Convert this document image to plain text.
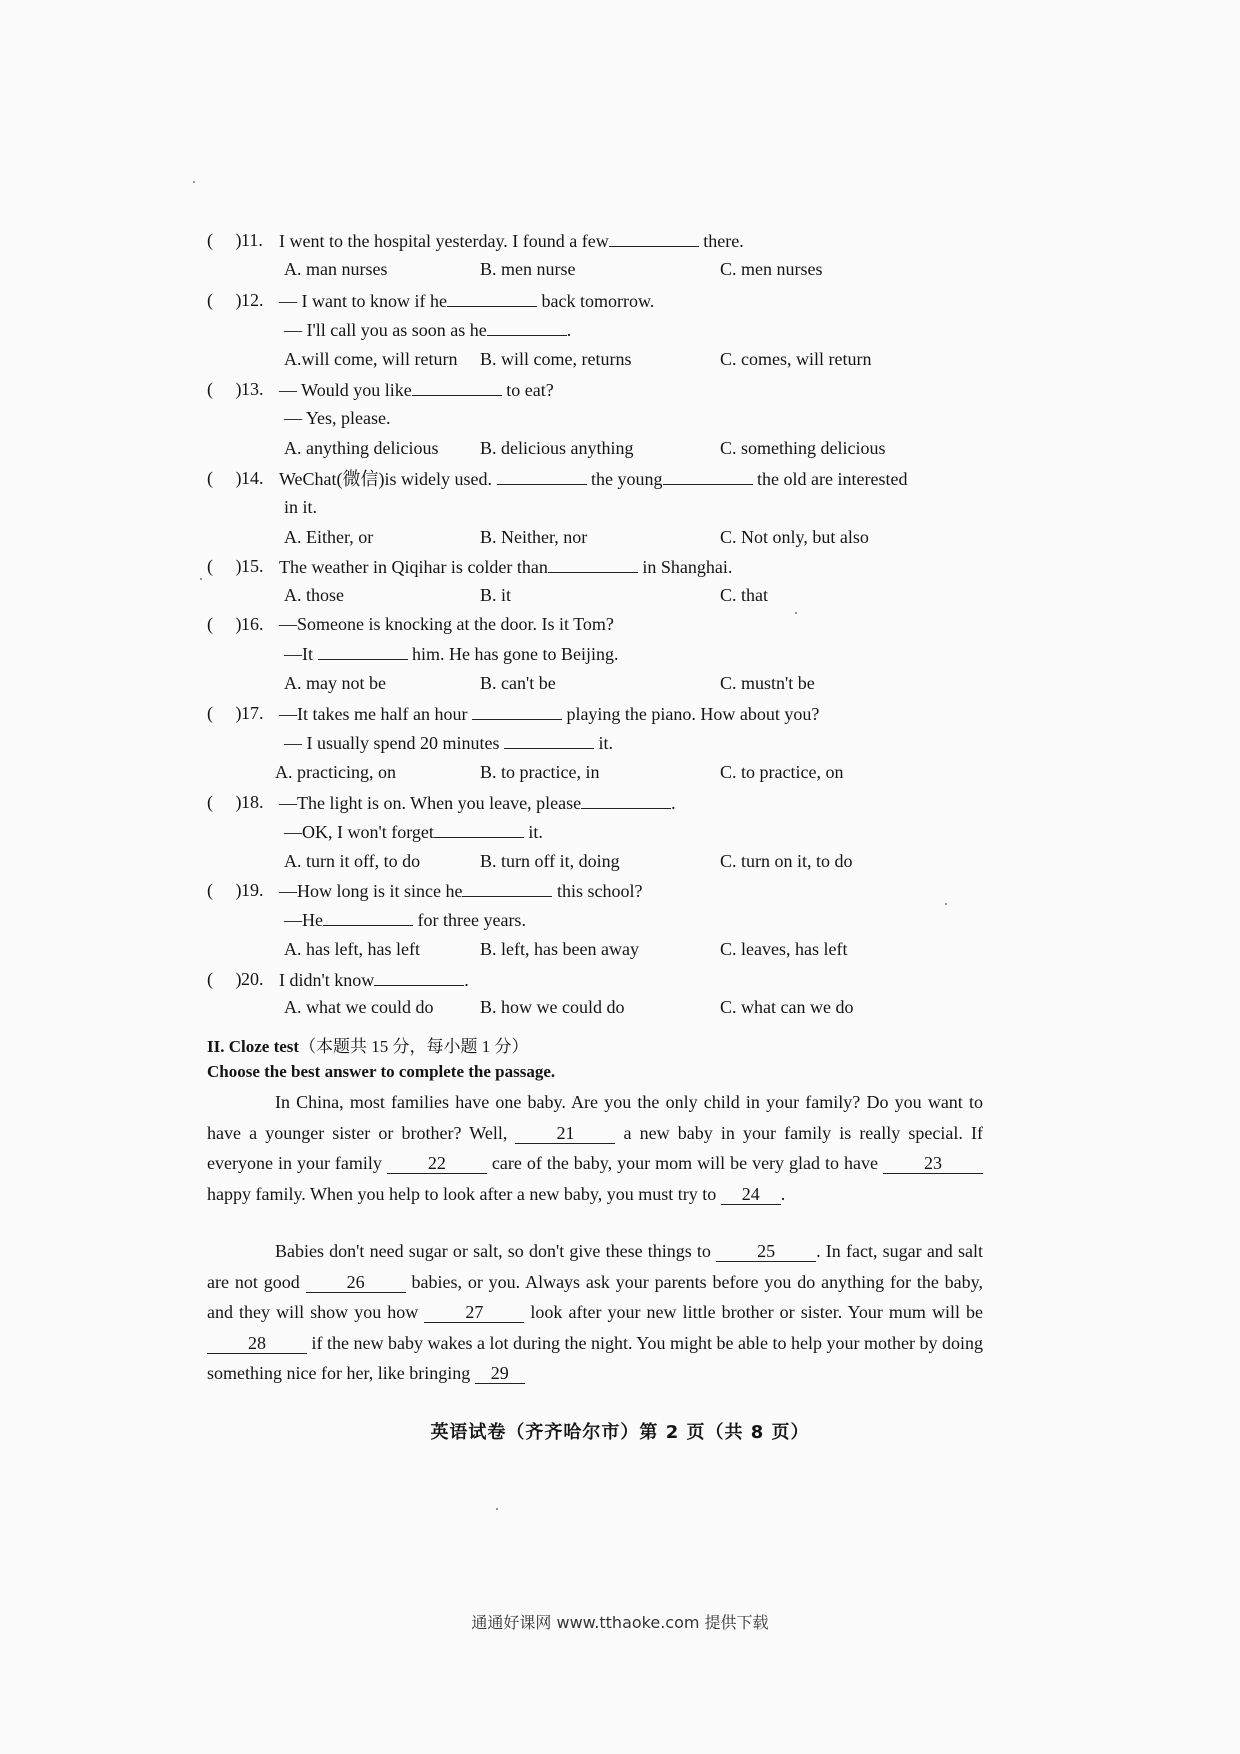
(     ) 11. I went to the hospital yesterday. I found a few	there.
A. man nurses	B. men nurse	C. men nurses
(     ) 12. — I want to know if he	back tomorrow.
— I'll call you as soon as he	.
A.will come, will return B. will come, returns	C. comes, will return
(     ) 13. — Would you like	to eat?
— Yes, please.
A. anything delicious B. delicious anything	C. something delicious
(     ) 14. WeChat(微信)is widely used.	the young	the old are interested
in it.
A. Either, or	B. Neither, nor	C. Not only, but also
(     ) 15. The weather in Qiqihar is colder than	in Shanghai.
A. those	B. it	C. that
(     ) 16. —Someone is knocking at the door. Is it Tom?
—It	him. He has gone to Beijing.
A. may not be	B. can't be	C. mustn't be
(     ) 17. —It takes me half an hour	playing the piano. How about you?
— I usually spend 20 minutes	it.
A. practicing, on	B. to practice, in	C. to practice, on
(     ) 18. —The light is on. When you leave, please	.
—OK, I won't forget	it.
A. turn it off, to do	B. turn off it, doing	C. turn on it, to do
(     ) 19. —How long is it since he	this school?
—He	for three years.
A. has left, has left	B. left, has been away	C. leaves, has left
(     ) 20. I didn't know	.
A. what we could do	B. how we could do	C. what can we do
II. Cloze test（本题共 15 分，每小题 1 分）
Choose the best answer to complete the passage.

In China, most families have one baby. Are you the only child in your family? Do you want to have a younger sister or brother? Well, 21 a new baby in your family is really special. If everyone in your family 22 care of the baby, your mom will be very glad to have 23 happy family. When you help to look after a new baby, you must try to 24 .

Babies don't need sugar or salt, so don't give these things to 25 . In fact, sugar and salt are not good 26 babies, or you. Always ask your parents before you do anything for the baby, and they will show you how 27 look after your new little brother or sister. Your mum will be 28 if the new baby wakes a lot during the night. You might be able to help your mother by doing something nice for her, like bringing 29

英语试卷（齐齐哈尔市）第 2 页（共 8 页）
通通好课网 www.tthaoke.com 提供下载
